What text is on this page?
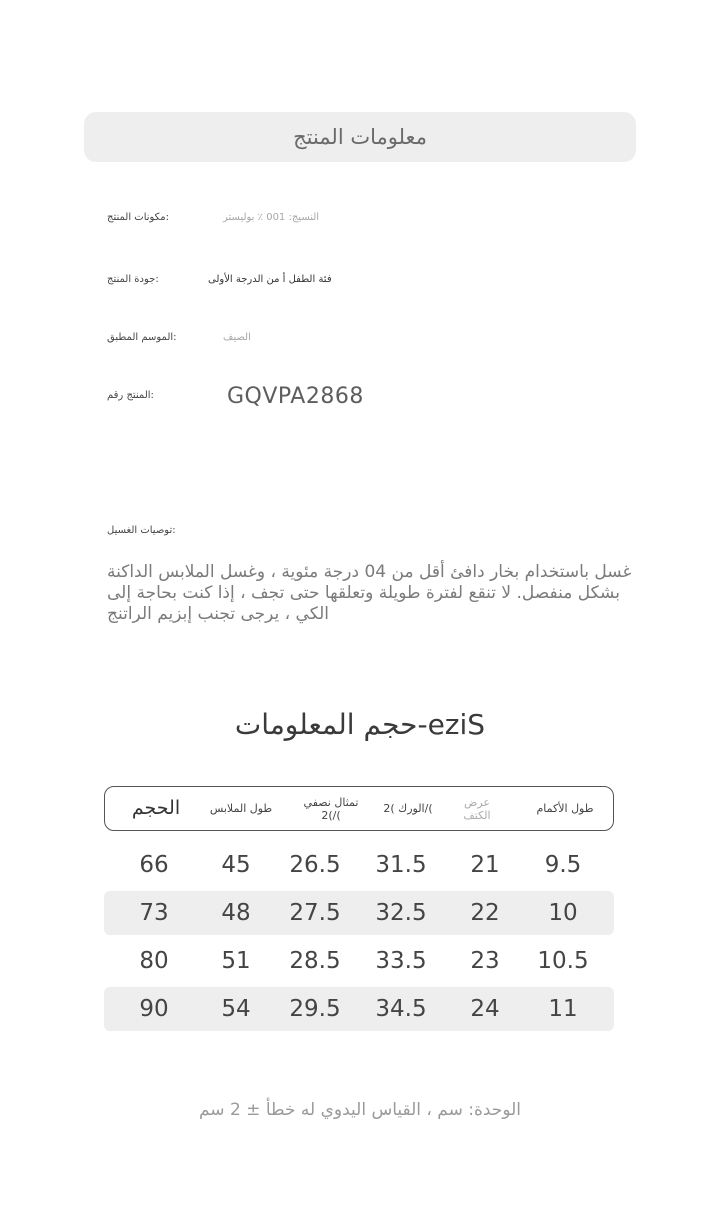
معلومات المنتج
مكونات المنتج:	النسيج: 001 ٪ بوليستر
جودة المنتج:	فئة الطفل أ من الدرجة الأولى
الموسم المطبق:	الصيف
المنتج رقم:	GQVPA2868
توصيات الغسيل:
غسل باستخدام بخار دافئ أقل من 04 درجة مئوية ، وغسل الملابس الداكنة بشكل منفصل. لا تنقع لفترة طويلة وتعلقها حتى تجف ، إذا كنت بحاجة إلى الكي ، يرجى تجنب إبزيم الراتنج
eziS-حجم المعلومات
الحجم	طول الملابس	تمثال نصفي )2/(	الورك )2/(	عرض الكتف	طول الأكمام
66	45	26.5	31.5	21	9.5
73	48	27.5	32.5	22	10
80	51	28.5	33.5	23	10.5
90	54	29.5	34.5	24	11
الوحدة: سم ، القياس اليدوي له خطأ ± 2 سم
